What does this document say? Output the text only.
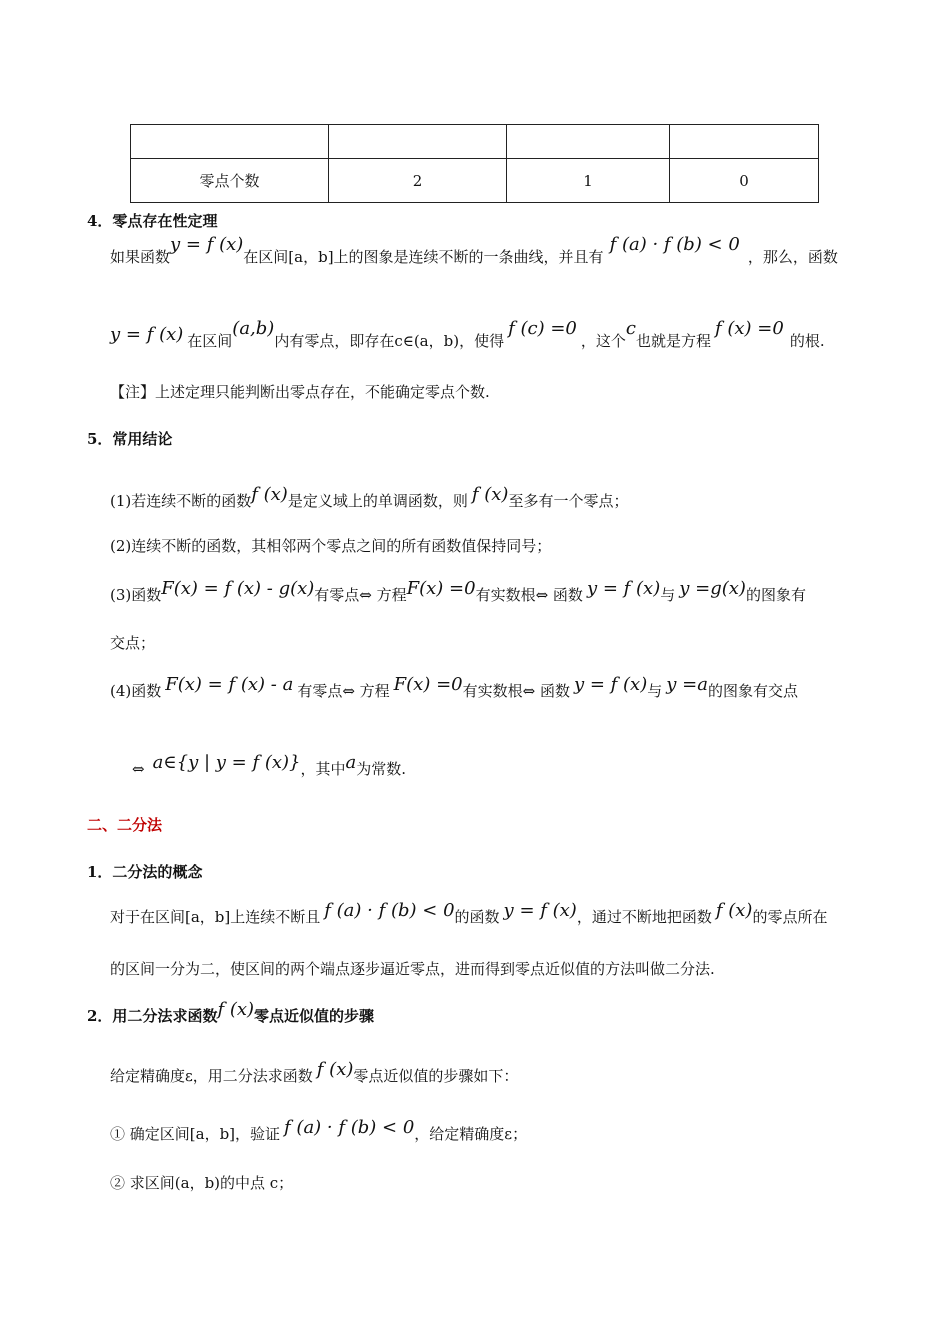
零点个数	2	1	0
4．零点存在性定理
如果函数y = f (x)在区间[a，b]上的图象是连续不断的一条曲线，并且有f (a) · f (b) < 0，那么，函数
y = f (x) 在区间(a,b)内有零点，即存在c∈(a，b)，使得f (c) =0，这个c也就是方程f (x) =0的根.
【注】上述定理只能判断出零点存在，不能确定零点个数.
5．常用结论
(1)若连续不断的函数f (x)是定义域上的单调函数，则 f (x)至多有一个零点；
(2)连续不断的函数，其相邻两个零点之间的所有函数值保持同号；
(3)函数F(x) = f (x) - g(x)有零点⇔ 方程F(x) =0有实数根⇔ 函数 y = f (x)与 y =g(x)的图象有
交点；
(4)函数 F(x) = f (x) - a 有零点⇔ 方程 F(x) =0有实数根⇔ 函数 y = f (x)与 y =a的图象有交点
⇔ a∈{y | y = f (x)}，其中a为常数.
二、二分法
1．二分法的概念
对于在区间[a，b]上连续不断且 f (a) · f (b) < 0的函数 y = f (x)，通过不断地把函数 f (x)的零点所在
的区间一分为二，使区间的两个端点逐步逼近零点，进而得到零点近似值的方法叫做二分法.
2．用二分法求函数f (x)零点近似值的步骤
给定精确度ε，用二分法求函数 f (x)零点近似值的步骤如下：
① 确定区间[a，b]，验证 f (a) · f (b) < 0，给定精确度ε；
② 求区间(a，b)的中点 c；
